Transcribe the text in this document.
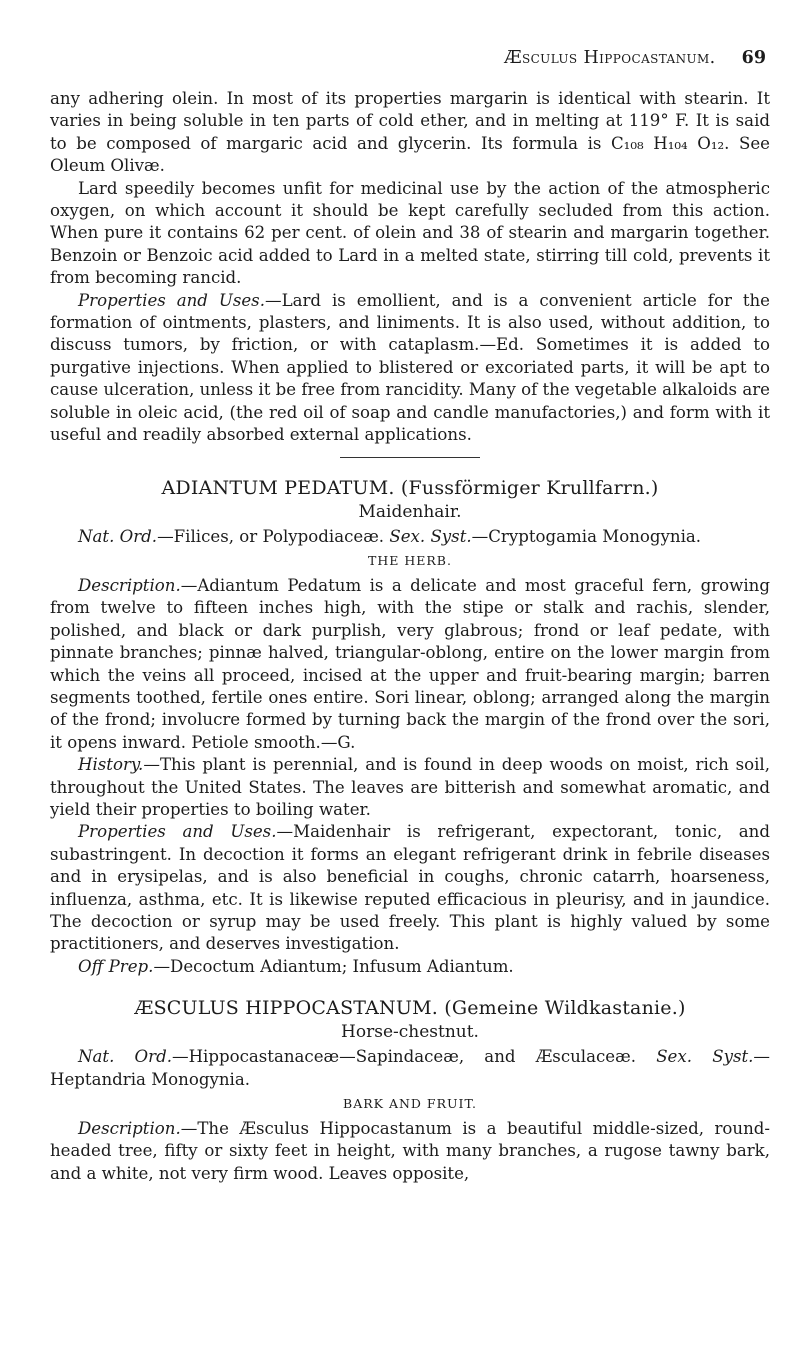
Æsculus Hippocastanum. 69

any adhering olein. In most of its properties margarin is identical with stearin. It varies in being soluble in ten parts of cold ether, and in melting at 119° F. It is said to be composed of margaric acid and glycerin. Its formula is C₁₀₈ H₁₀₄ O₁₂. See Oleum Olivæ.

Lard speedily becomes unfit for medicinal use by the action of the atmospheric oxygen, on which account it should be kept carefully secluded from this action. When pure it contains 62 per cent. of olein and 38 of stearin and margarin together. Benzoin or Benzoic acid added to Lard in a melted state, stirring till cold, prevents it from becoming rancid.

Properties and Uses.—Lard is emollient, and is a convenient article for the formation of ointments, plasters, and liniments. It is also used, without addition, to discuss tumors, by friction, or with cataplasm.—Ed. Sometimes it is added to purgative injections. When applied to blistered or excoriated parts, it will be apt to cause ulceration, unless it be free from rancidity. Many of the vegetable alkaloids are soluble in oleic acid, (the red oil of soap and candle manufactories,) and form with it useful and readily absorbed external applications.

ADIANTUM PEDATUM. (Fussförmiger Krullfarrn.)
Maidenhair.

Nat. Ord.—Filices, or Polypodiaceæ. Sex. Syst.—Cryptogamia Monogynia.

THE HERB.

Description.—Adiantum Pedatum is a delicate and most graceful fern, growing from twelve to fifteen inches high, with the stipe or stalk and rachis, slender, polished, and black or dark purplish, very glabrous; frond or leaf pedate, with pinnate branches; pinnæ halved, triangular-oblong, entire on the lower margin from which the veins all proceed, incised at the upper and fruit-bearing margin; barren segments toothed, fertile ones entire. Sori linear, oblong; arranged along the margin of the frond; involucre formed by turning back the margin of the frond over the sori, it opens inward. Petiole smooth.—G.

History.—This plant is perennial, and is found in deep woods on moist, rich soil, throughout the United States. The leaves are bitterish and somewhat aromatic, and yield their properties to boiling water.

Properties and Uses.—Maidenhair is refrigerant, expectorant, tonic, and subastringent. In decoction it forms an elegant refrigerant drink in febrile diseases and in erysipelas, and is also beneficial in coughs, chronic catarrh, hoarseness, influenza, asthma, etc. It is likewise reputed efficacious in pleurisy, and in jaundice. The decoction or syrup may be used freely. This plant is highly valued by some practitioners, and deserves investigation.

Off Prep.—Decoctum Adiantum; Infusum Adiantum.

ÆSCULUS HIPPOCASTANUM. (Gemeine Wildkastanie.)
Horse-chestnut.

Nat. Ord.—Hippocastanaceæ—Sapindaceæ, and Æsculaceæ. Sex. Syst.—Heptandria Monogynia.

BARK AND FRUIT.

Description.—The Æsculus Hippocastanum is a beautiful middle-sized, round-headed tree, fifty or sixty feet in height, with many branches, a rugose tawny bark, and a white, not very firm wood. Leaves opposite,
